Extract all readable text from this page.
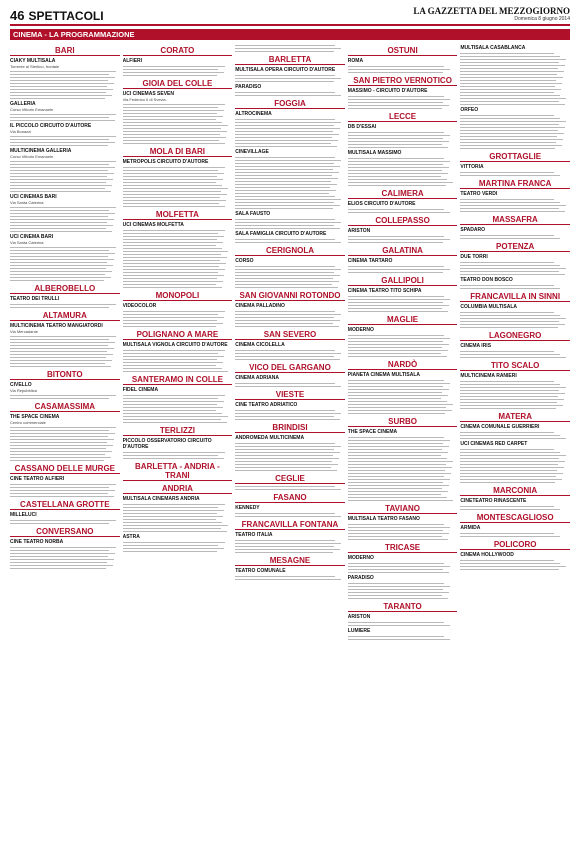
46 SPETTACOLI	LA GAZZETTA DEL MEZZOGIORNO
Domenica 8 giugno 2014
CINEMA - LA PROGRAMMAZIONE
BARI
CIAKY MULTISALA
Torrente al Sterlino, frontale
GALLERIA
Corso Vittorio Emanuele
IL PICCOLO CIRCUITO D'AUTORE
Via Bonazzi
MULTICINEMA GALLERIA
Corso Vittorio Emanuele
UCI CINEMAS BARI
Via Santa Caterina
UCI CINEMA BARI
Via Santa Caterina
ALBEROBELLO
TEATRO DEI TRULLI
ALTAMURA
MULTICINEMA TEATRO MANGIATORDI
Via Mercadante
BITONTO
CIVELLO
Via Repubblica
CASAMASSIMA
THE SPACE CINEMA
Centro commerciale
CASSANO DELLE MURGE
CINE TEATRO ALFIERI
CASTELLANA GROTTE
MILLELUCI
CONVERSANO
CINE TEATRO NORBA
CORATO
ALFIERI
GIOIA DEL COLLE
UCI CINEMAS SEVEN
Via Federico II di Svevia
MOLA DI BARI
METROPOLIS CIRCUITO D'AUTORE
MOLFETTA
UCI CINEMAS MOLFETTA
MONOPOLI
VIDEOCOLOR
POLIGNANO A MARE
MULTISALA VIGNOLA CIRCUITO D'AUTORE
SANTERAMO IN COLLE
FIDEL CINEMA
TERLIZZI
PICCOLO OSSERVATORIO CIRCUITO D'AUTORE
BARLETTA - ANDRIA - TRANI
ANDRIA
MULTISALA CINEMARS ANDRIA
ASTRA
BARLETTA
MULTISALA OPERA CIRCUITO D'AUTORE
PARADISO
FOGGIA
ALTROCINEMA
CINEVILLAGE
SALA FAUSTO
SALA FAMIGLIA CIRCUITO D'AUTORE
CERIGNOLA
CORSO
SAN GIOVANNI ROTONDO
CINEMA PALLADINO
SAN SEVERO
CINEMA CICOLELLA
VICO DEL GARGANO
CINEMA ADRIANA
VIESTE
CINE TEATRO ADRIATICO
BRINDISI
ANDROMEDA MULTICINEMA
CEGLIE
FASANO
KENNEDY
FRANCAVILLA FONTANA
TEATRO ITALIA
MESAGNE
TEATRO COMUNALE
OSTUNI
ROMA
SAN PIETRO VERNOTICO
MASSIMO - CIRCUITO D'AUTORE
LECCE
DB D'ESSAI
MULTISALA MASSIMO
CALIMERA
ELIOS CIRCUITO D'AUTORE
COLLEPASSO
ARISTON
GALATINA
CINEMA TARTARO
GALLIPOLI
CINEMA TEATRO TITO SCHIPA
MAGLIE
MODERNO
NARDÒ
PIANETA CINEMA MULTISALA
SURBO
THE SPACE CINEMA
TAVIANO
MULTISALA TEATRO FASANO
TRICASE
MODERNO
PARADISO
TARANTO
ARISTON
LUMIERE
MULTISALA CASABLANCA
ORFEO
GROTTAGLIE
VITTORIA
MARTINA FRANCA
TEATRO VERDI
MASSAFRA
SPADARO
POTENZA
DUE TORRI
TEATRO DON BOSCO
FRANCAVILLA IN SINNI
COLUMBIA MULTISALA
LAGONEGRO
CINEMA IRIS
TITO SCALO
MULTICINEMA RANIERI
MATERA
CINEMA COMUNALE GUERRIERI
UCI CINEMAS RED CARPET
MARCONIA
CINETEATRO RINASCENTE
MONTESCAGLIOSO
ARMIDA
POLICORO
CINEMA HOLLYWOOD
